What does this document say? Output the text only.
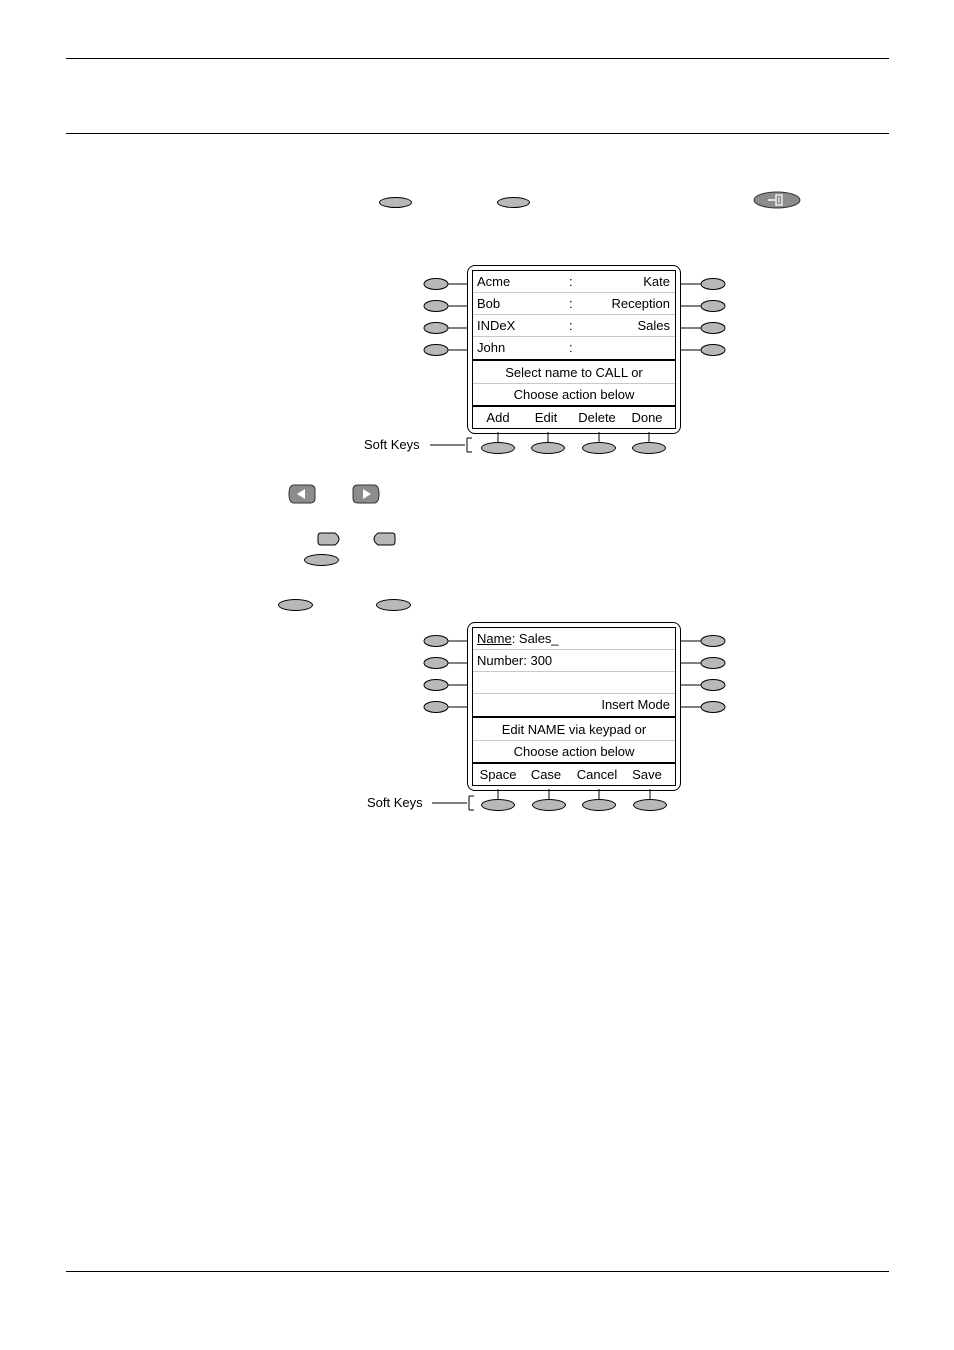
Acme	:	Kate
Bob	:	Reception
INDeX	:	Sales
John	:
Select name to CALL or
Choose action below
Add	Edit	Delete	Done
Soft Keys
Name: Sales_
Number: 300
Insert Mode
Edit NAME via keypad or
Choose action below
Space	Case	Cancel	Save
Soft Keys
